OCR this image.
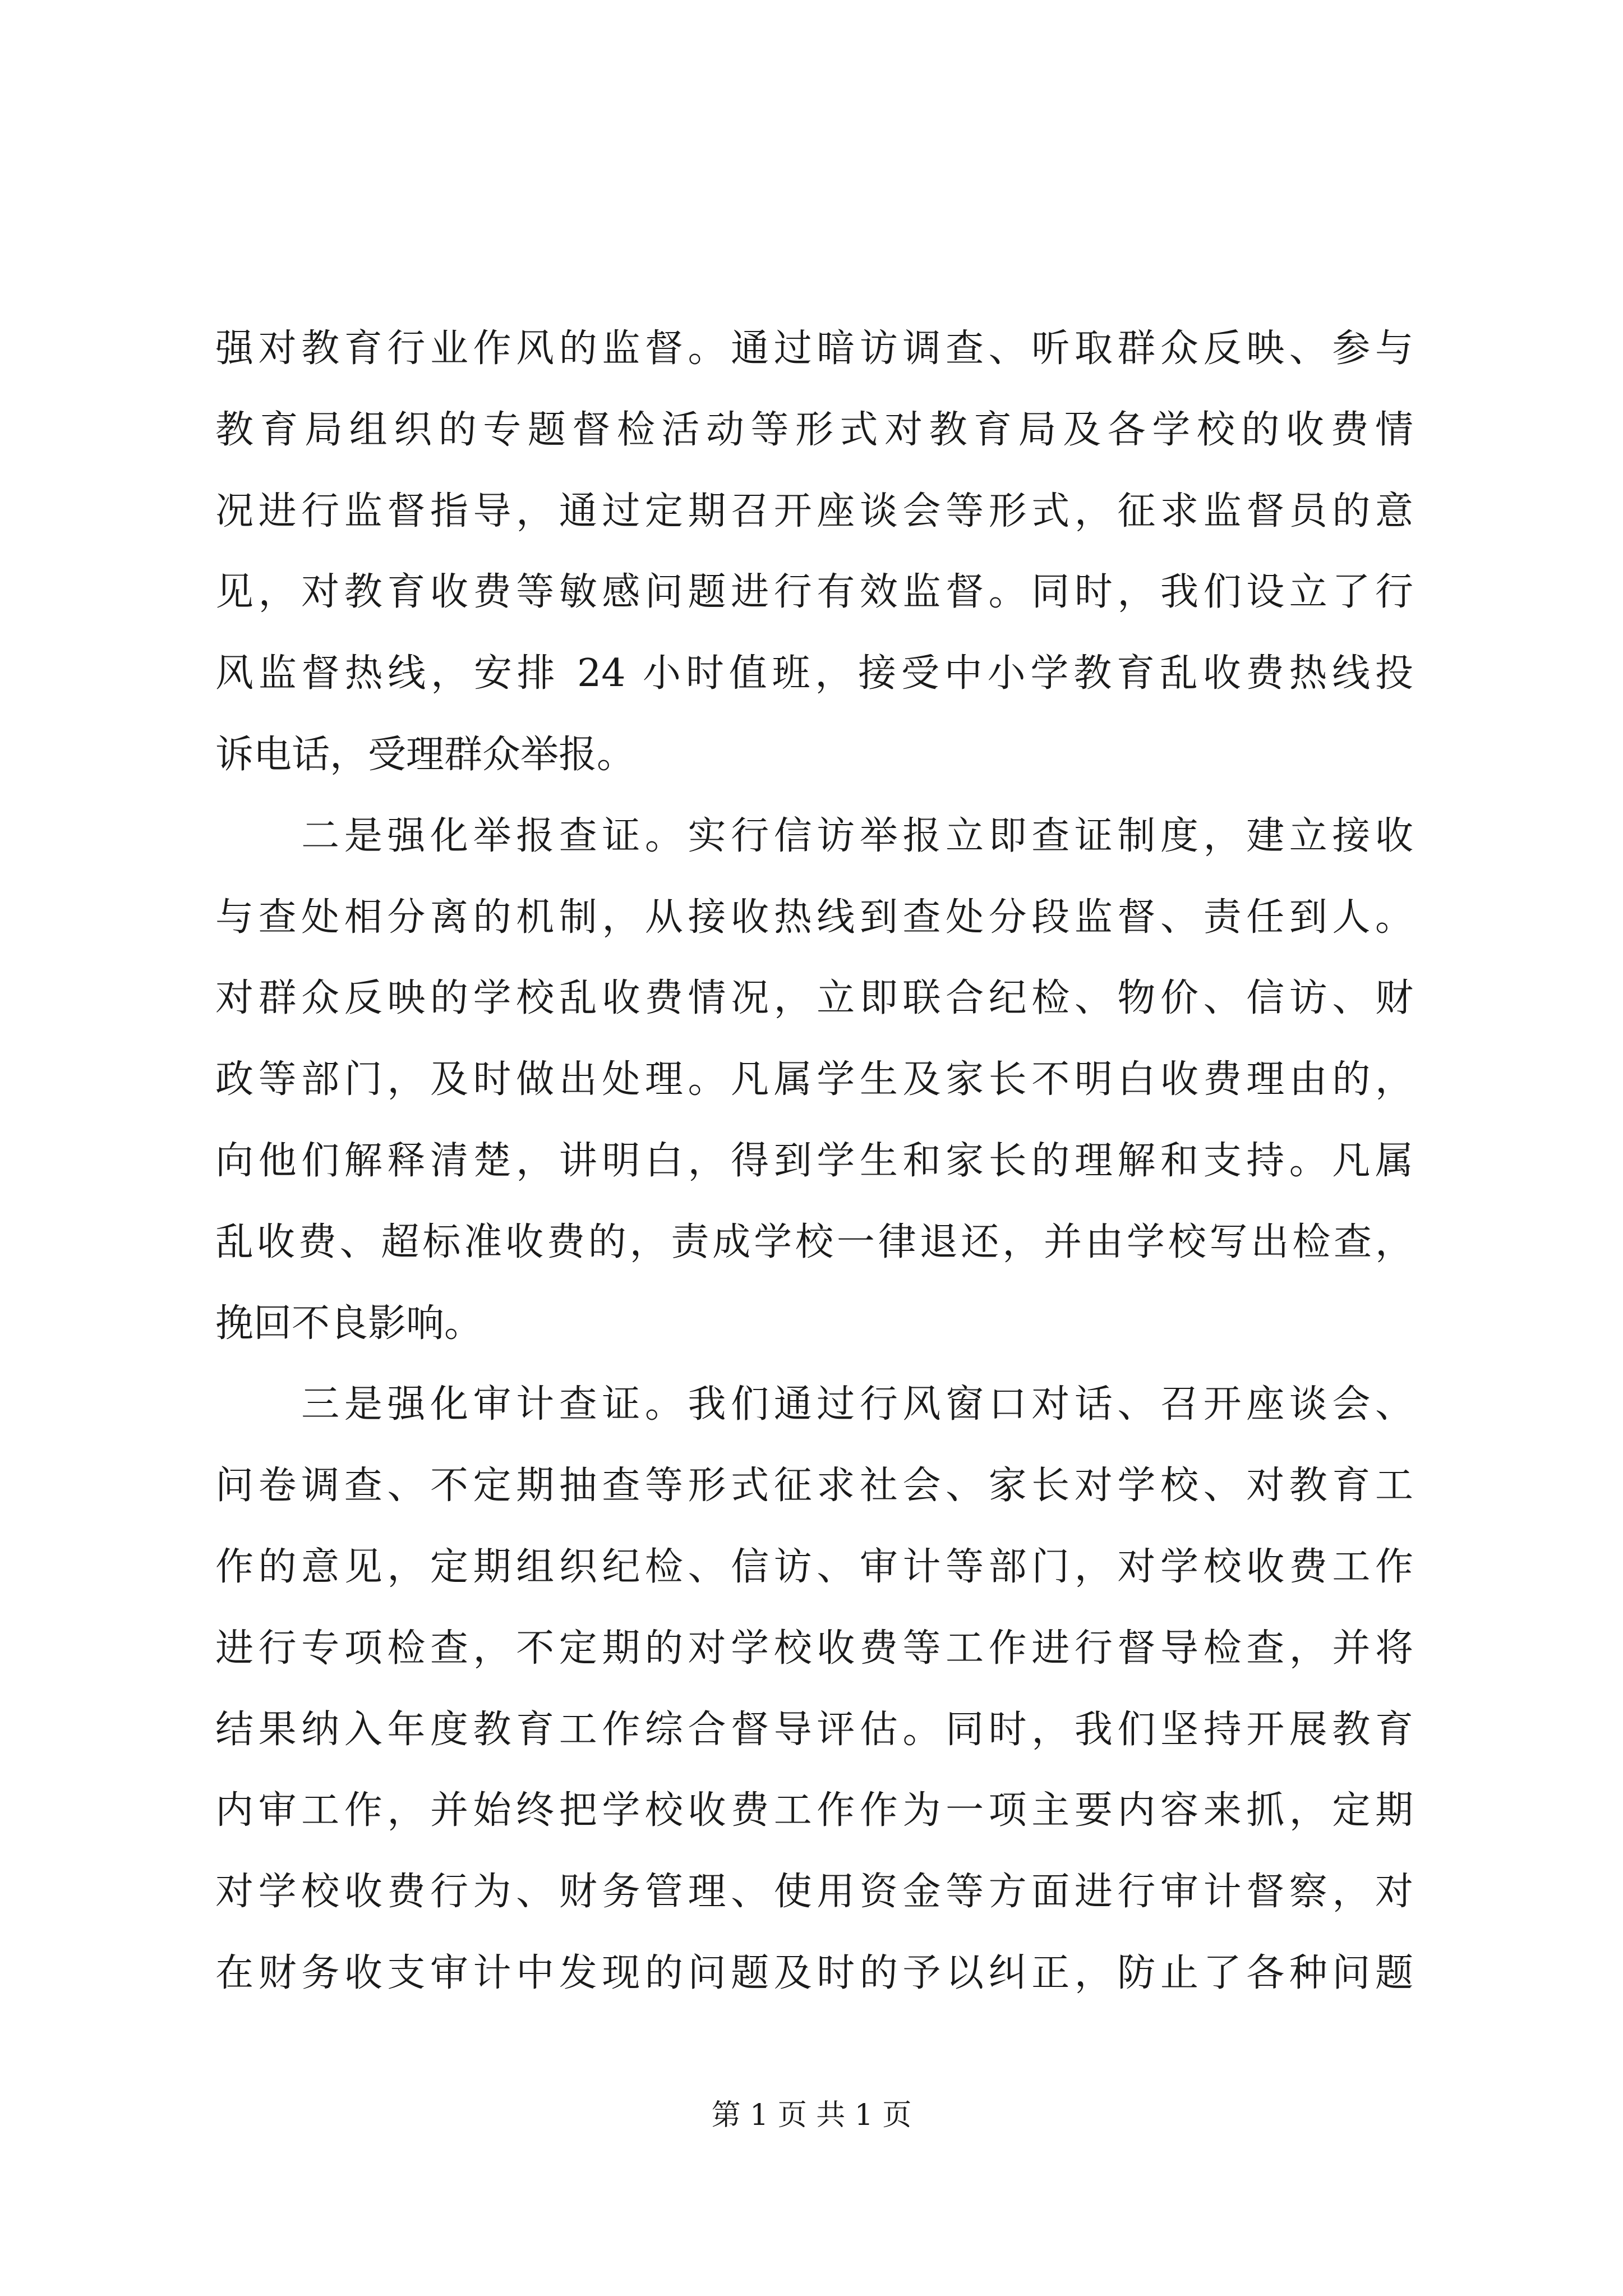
强对教育行业作风的监督。通过暗访调查、听取群众反映、参与
教育局组织的专题督检活动等形式对教育局及各学校的收费情
况进行监督指导，通过定期召开座谈会等形式，征求监督员的意
见，对教育收费等敏感问题进行有效监督。同时，我们设立了行
风监督热线，安排 24 小时值班，接受中小学教育乱收费热线投
诉电话，受理群众举报。
　　二是强化举报查证。实行信访举报立即查证制度，建立接收
与查处相分离的机制，从接收热线到查处分段监督、责任到人。
对群众反映的学校乱收费情况，立即联合纪检、物价、信访、财
政等部门，及时做出处理。凡属学生及家长不明白收费理由的，
向他们解释清楚，讲明白，得到学生和家长的理解和支持。凡属
乱收费、超标准收费的，责成学校一律退还，并由学校写出检查，
挽回不良影响。
　　三是强化审计查证。我们通过行风窗口对话、召开座谈会、
问卷调查、不定期抽查等形式征求社会、家长对学校、对教育工
作的意见，定期组织纪检、信访、审计等部门，对学校收费工作
进行专项检查，不定期的对学校收费等工作进行督导检查，并将
结果纳入年度教育工作综合督导评估。同时，我们坚持开展教育
内审工作，并始终把学校收费工作作为一项主要内容来抓，定期
对学校收费行为、财务管理、使用资金等方面进行审计督察，对
在财务收支审计中发现的问题及时的予以纠正，防止了各种问题
第 1 页 共 1 页
